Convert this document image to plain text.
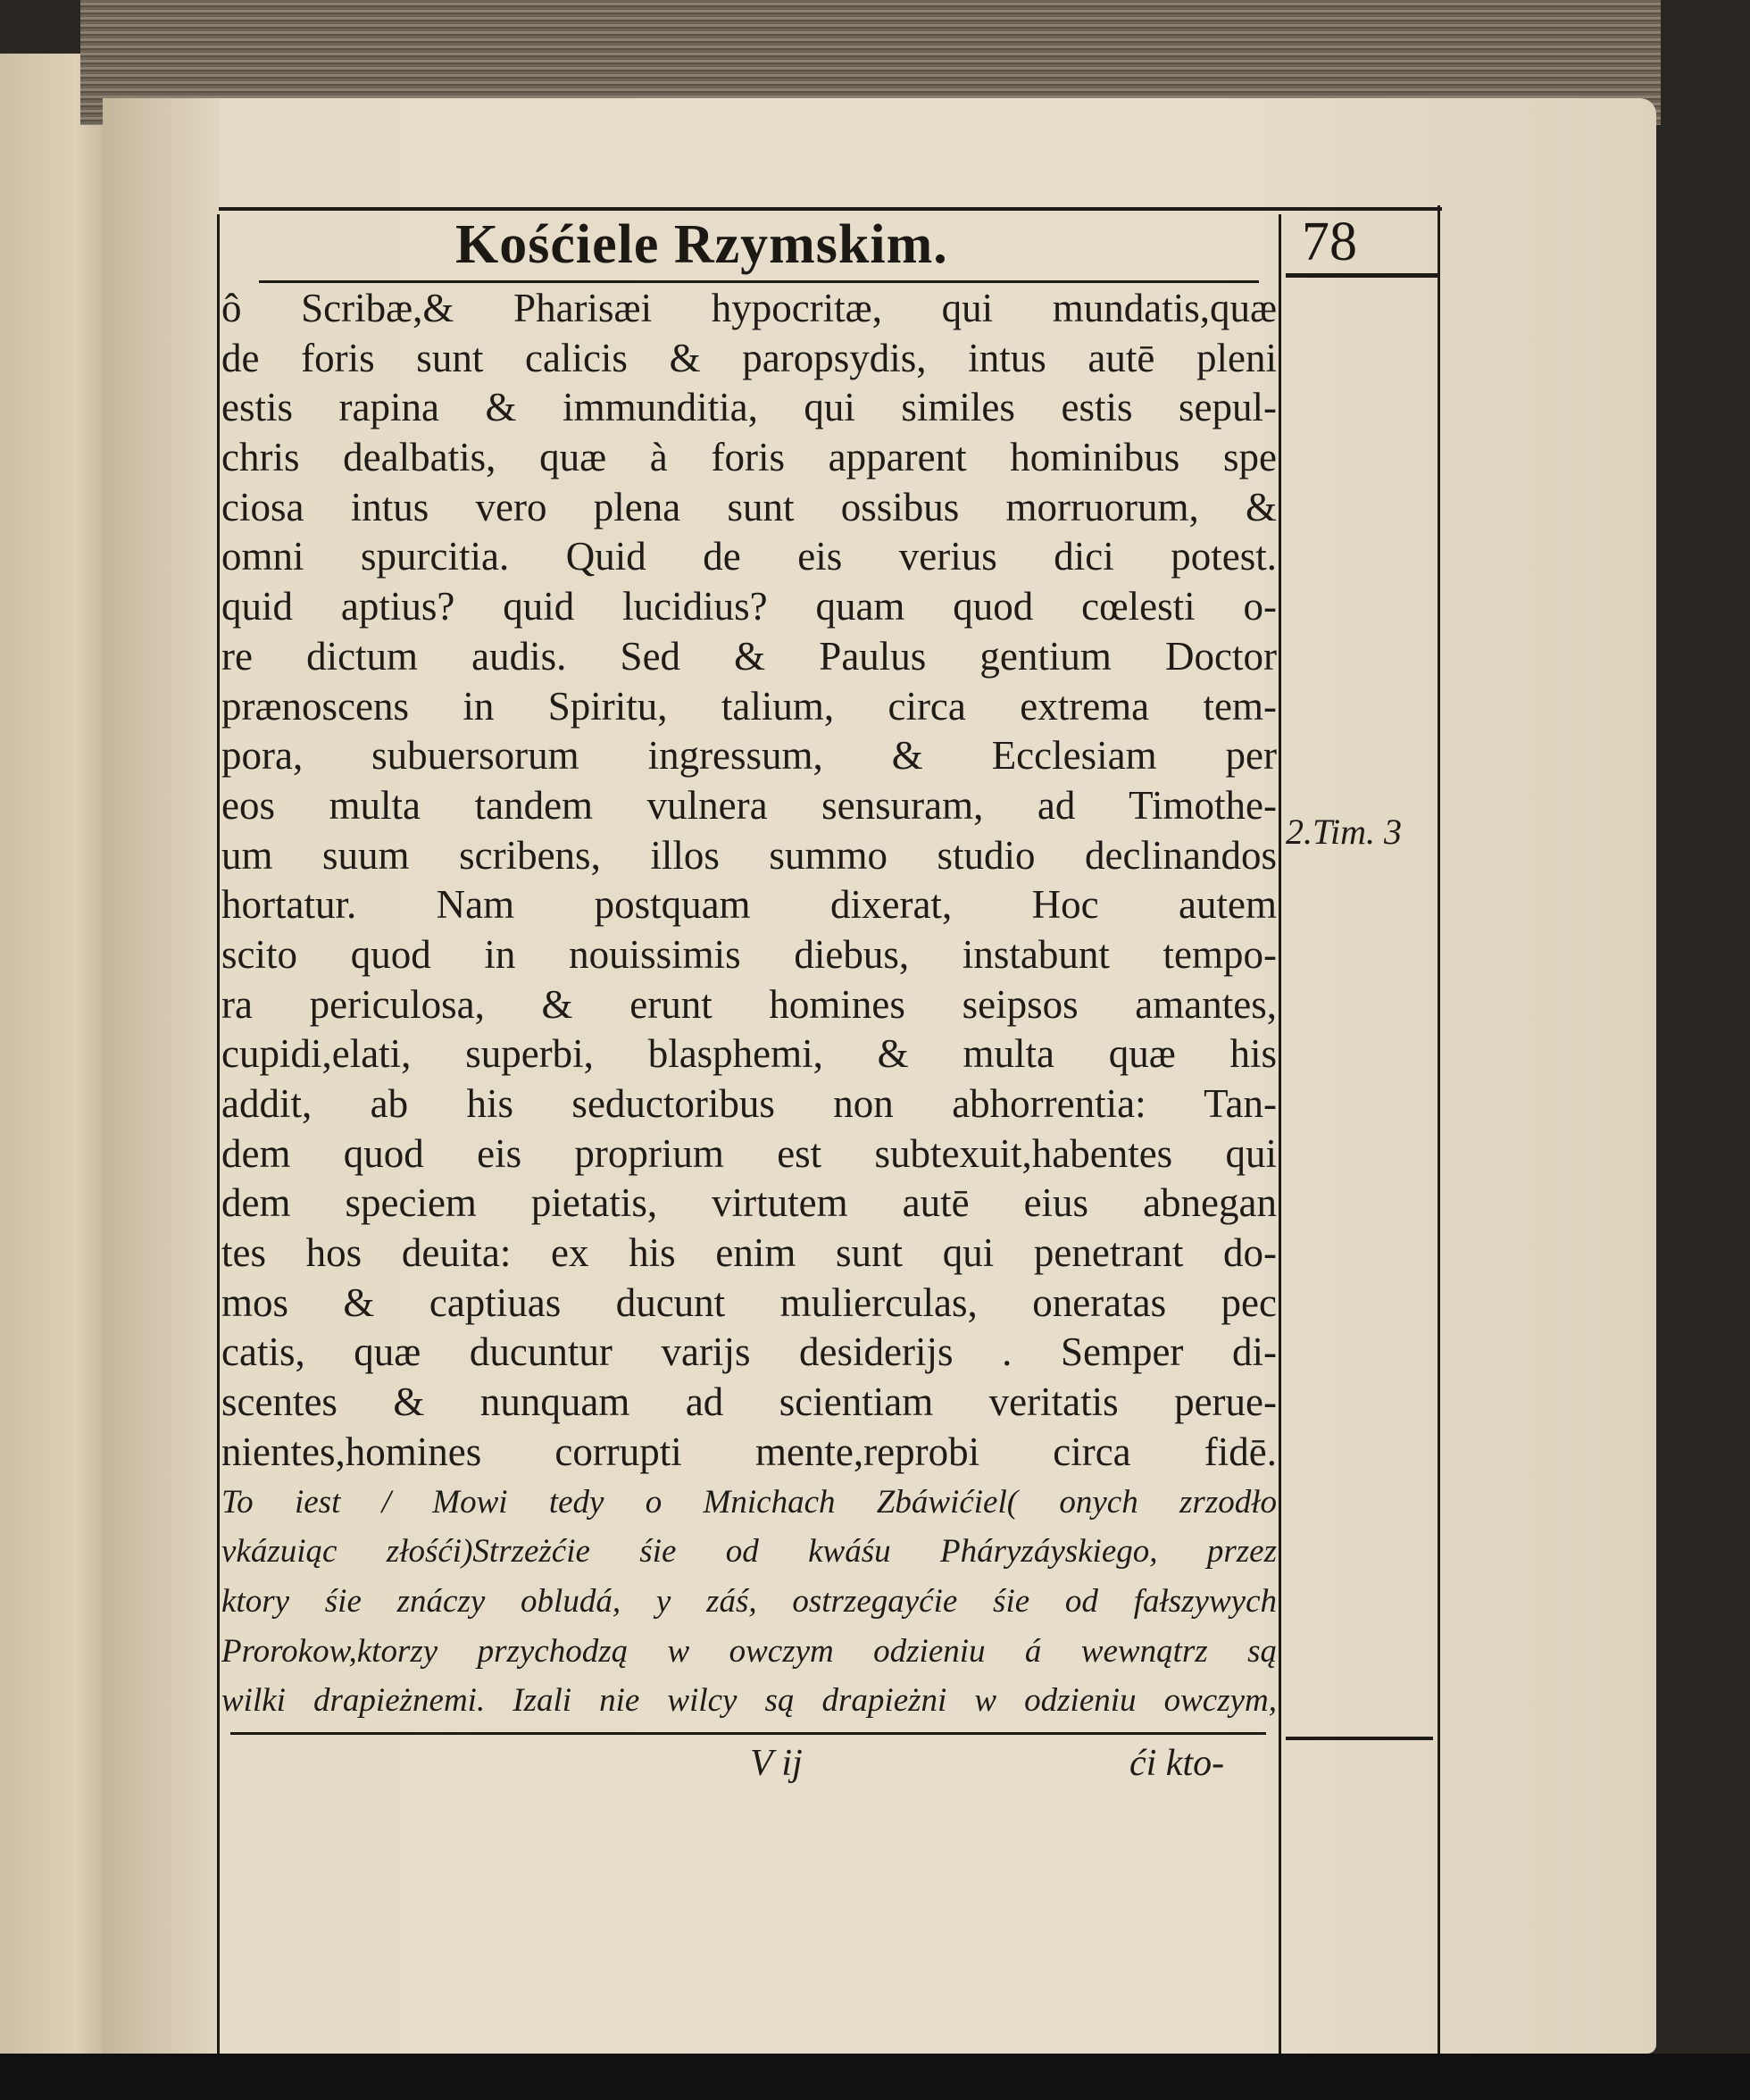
Kośćiele Rzymskim.	78
ô Scribæ,& Pharisæi hypocritæ, qui mundatis,quæ
de foris sunt calicis & paropsydis, intus autē pleni
estis rapina & immunditia, qui similes estis sepul-
chris dealbatis, quæ à foris apparent hominibus spe
ciosa intus vero plena sunt ossibus morruorum, &
omni spurcitia. Quid de eis verius dici potest.
quid aptius? quid lucidius? quam quod cœlesti o-
re dictum audis. Sed & Paulus gentium Doctor
prænoscens in Spiritu, talium, circa extrema tem-
pora, subuersorum ingressum, & Ecclesiam per
eos multa tandem vulnera sensuram, ad Timothe-
um suum scribens, illos summo studio declinandos
hortatur. Nam postquam dixerat, Hoc autem
scito quod in nouissimis diebus, instabunt tempo-
ra periculosa, & erunt homines seipsos amantes,
cupidi,elati, superbi, blasphemi, & multa quæ his
addit, ab his seductoribus non abhorrentia: Tan-
dem quod eis proprium est subtexuit,habentes qui
dem speciem pietatis, virtutem autē eius abnegan
tes hos deuita: ex his enim sunt qui penetrant do-
mos & captiuas ducunt mulierculas, oneratas pec
catis, quæ ducuntur varijs desiderijs . Semper di-
scentes & nunquam ad scientiam veritatis perue-
nientes,homines corrupti mente,reprobi circa fidē.
To iest / Mowi tedy o Mnichach Zbáwićiel( onych zrzodło
vkázuiąc złośći)Strzeżćie śie od kwáśu Pháryzáyskiego, przez
ktory śie znáczy obludá, y záś, ostrzegayćie śie od fałszywych
Prorokow,ktorzy przychodzą w owczym odzieniu á wewnątrz są
wilki drapieżnemi. Izali nie wilcy są drapieżni w odzieniu owczym,
2.Tim. 3
V ij	ći kto-
